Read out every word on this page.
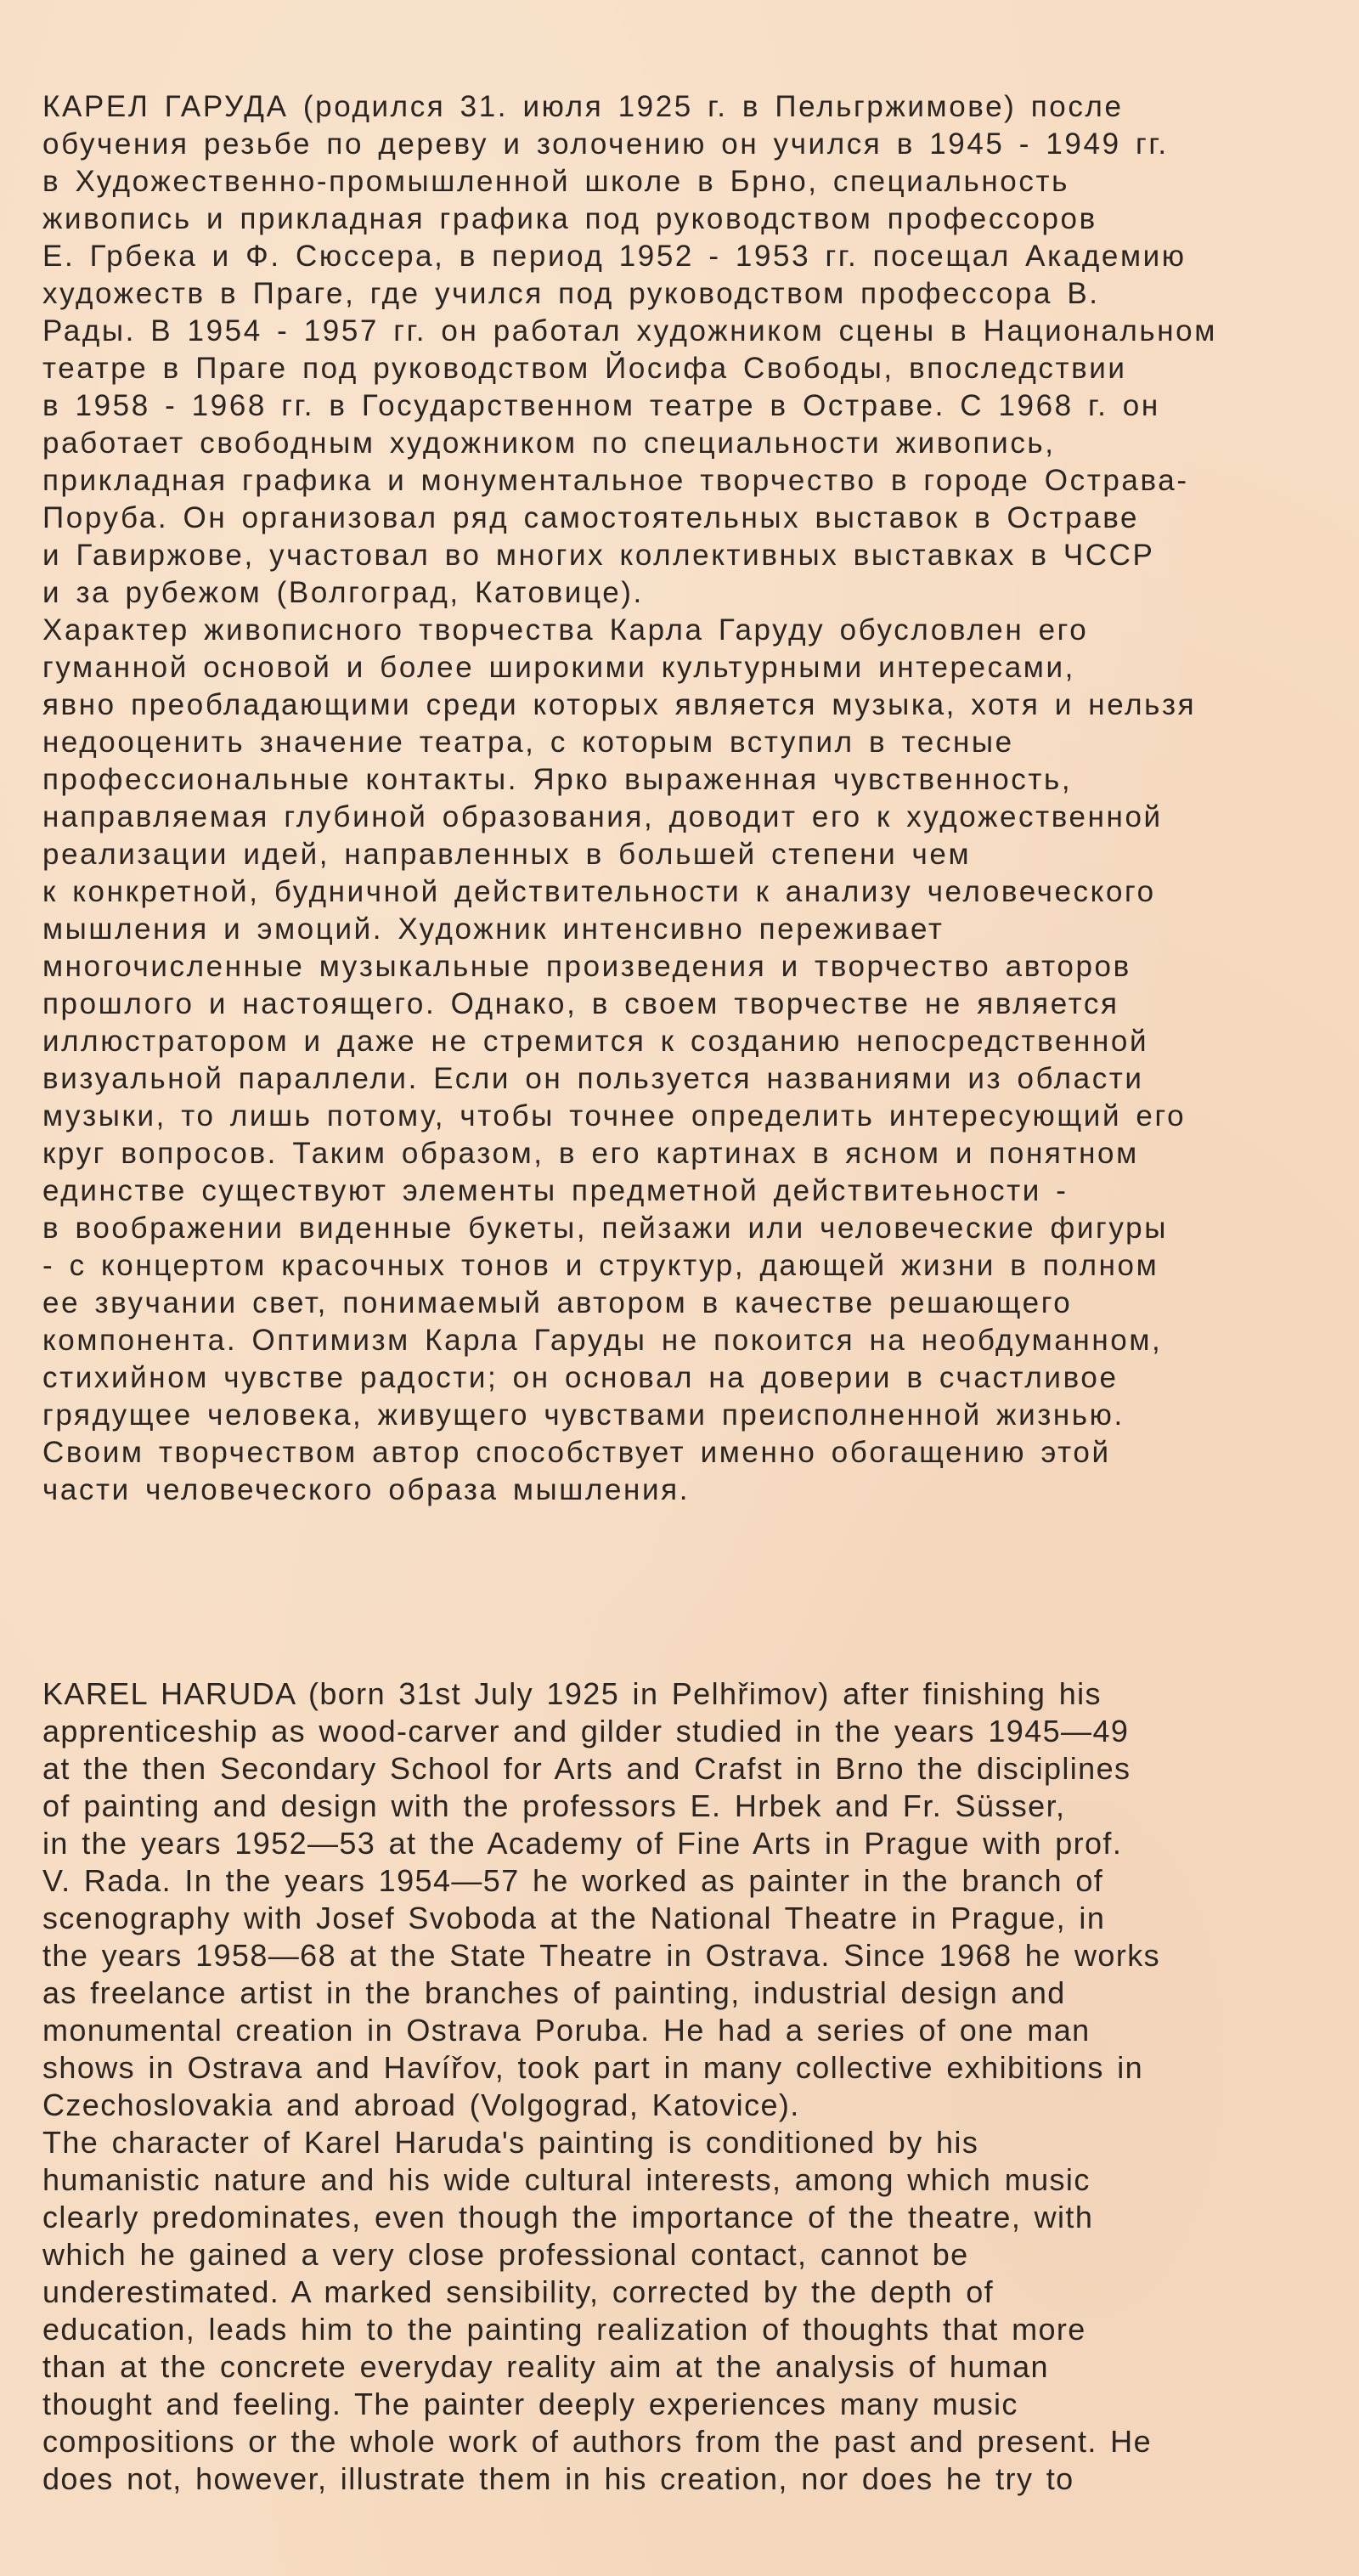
КАРЕЛ ГАРУДА (родился 31. июля 1925 г. в Пельгржимове) после
обучения резьбе по дереву и золочению он учился в 1945 - 1949 гг.
в Художественно-промышленной школе в Брно, специальность
живопись и прикладная графика под руководством профессоров
Е. Грбека и Ф. Сюссера, в период 1952 - 1953 гг. посещал Академию
художеств в Праге, где учился под руководством профессора В.
Рады. В 1954 - 1957 гг. он работал художником сцены в Национальном
театре в Праге под руководством Йосифа Свободы, впоследствии
в 1958 - 1968 гг. в Государственном театре в Остраве. С 1968 г. он
работает свободным художником по специальности живопись,
прикладная графика и монументальное творчество в городе Острава-
Поруба. Он организовал ряд самостоятельных выставок в Остраве
и Гавиржове, участовал во многих коллективных выставках в ЧССР
и за рубежом (Волгоград, Катовице).
Характер живописного творчества Карла Гаруду обусловлен его
гуманной основой и более широкими культурными интересами,
явно преобладающими среди которых является музыка, хотя и нельзя
недооценить значение театра, с которым вступил в тесные
профессиональные контакты. Ярко выраженная чувственность,
направляемая глубиной образования, доводит его к художественной
реализации идей, направленных в большей степени чем
к конкретной, будничной действительности к анализу человеческого
мышления и эмоций. Художник интенсивно переживает
многочисленные музыкальные произведения и творчество авторов
прошлого и настоящего. Однако, в своем творчестве не является
иллюстратором и даже не стремится к созданию непосредственной
визуальной параллели. Если он пользуется названиями из области
музыки, то лишь потому, чтобы точнее определить интересующий его
круг вопросов. Таким образом, в его картинах в ясном и понятном
единстве существуют элементы предметной действитеьности -
в воображении виденные букеты, пейзажи или человеческие фигуры
- с концертом красочных тонов и структур, дающей жизни в полном
ее звучании свет, понимаемый автором в качестве решающего
компонента. Оптимизм Карла Гаруды не покоится на необдуманном,
стихийном чувстве радости; он основал на доверии в счастливое
грядущее человека, живущего чувствами преисполненной жизнью.
Своим творчеством автор способствует именно обогащению этой
части человеческого образа мышления.
KAREL HARUDA (born 31st July 1925 in Pelhřimov) after finishing his
apprenticeship as wood-carver and gilder studied in the years 1945—49
at the then Secondary School for Arts and Crafst in Brno the disciplines
of painting and design with the professors E. Hrbek and Fr. Süsser,
in the years 1952—53 at the Academy of Fine Arts in Prague with prof.
V. Rada. In the years 1954—57 he worked as painter in the branch of
scenography with Josef Svoboda at the National Theatre in Prague, in
the years 1958—68 at the State Theatre in Ostrava. Since 1968 he works
as freelance artist in the branches of painting, industrial design and
monumental creation in Ostrava Poruba. He had a series of one man
shows in Ostrava and Havířov, took part in many collective exhibitions in
Czechoslovakia and abroad (Volgograd, Katovice).
The character of Karel Haruda's painting is conditioned by his
humanistic nature and his wide cultural interests, among which music
clearly predominates, even though the importance of the theatre, with
which he gained a very close professional contact, cannot be
underestimated. A marked sensibility, corrected by the depth of
education, leads him to the painting realization of thoughts that more
than at the concrete everyday reality aim at the analysis of human
thought and feeling. The painter deeply experiences many music
compositions or the whole work of authors from the past and present. He
does not, however, illustrate them in his creation, nor does he try to
